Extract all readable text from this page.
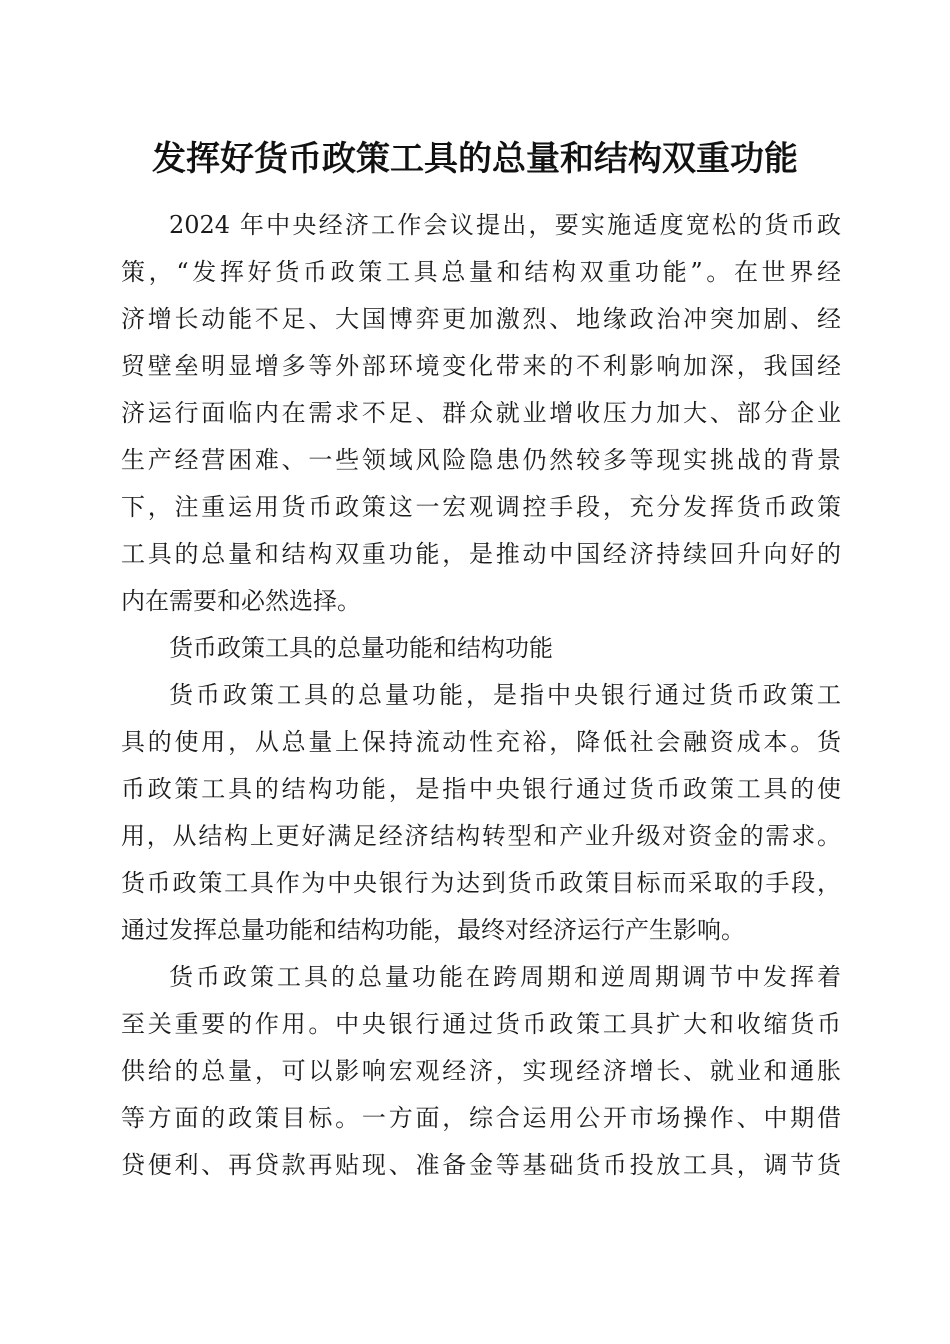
发挥好货币政策工具的总量和结构双重功能
2024 年中央经济工作会议提出，要实施适度宽松的货币政
策，“发挥好货币政策工具总量和结构双重功能”。在世界经
济增长动能不足、大国博弈更加激烈、地缘政治冲突加剧、经
贸壁垒明显增多等外部环境变化带来的不利影响加深，我国经
济运行面临内在需求不足、群众就业增收压力加大、部分企业
生产经营困难、一些领域风险隐患仍然较多等现实挑战的背景
下，注重运用货币政策这一宏观调控手段，充分发挥货币政策
工具的总量和结构双重功能，是推动中国经济持续回升向好的
内在需要和必然选择。
货币政策工具的总量功能和结构功能
货币政策工具的总量功能，是指中央银行通过货币政策工
具的使用，从总量上保持流动性充裕，降低社会融资成本。货
币政策工具的结构功能，是指中央银行通过货币政策工具的使
用，从结构上更好满足经济结构转型和产业升级对资金的需求。
货币政策工具作为中央银行为达到货币政策目标而采取的手段，
通过发挥总量功能和结构功能，最终对经济运行产生影响。
货币政策工具的总量功能在跨周期和逆周期调节中发挥着
至关重要的作用。中央银行通过货币政策工具扩大和收缩货币
供给的总量，可以影响宏观经济，实现经济增长、就业和通胀
等方面的政策目标。一方面，综合运用公开市场操作、中期借
贷便利、再贷款再贴现、准备金等基础货币投放工具，调节货
